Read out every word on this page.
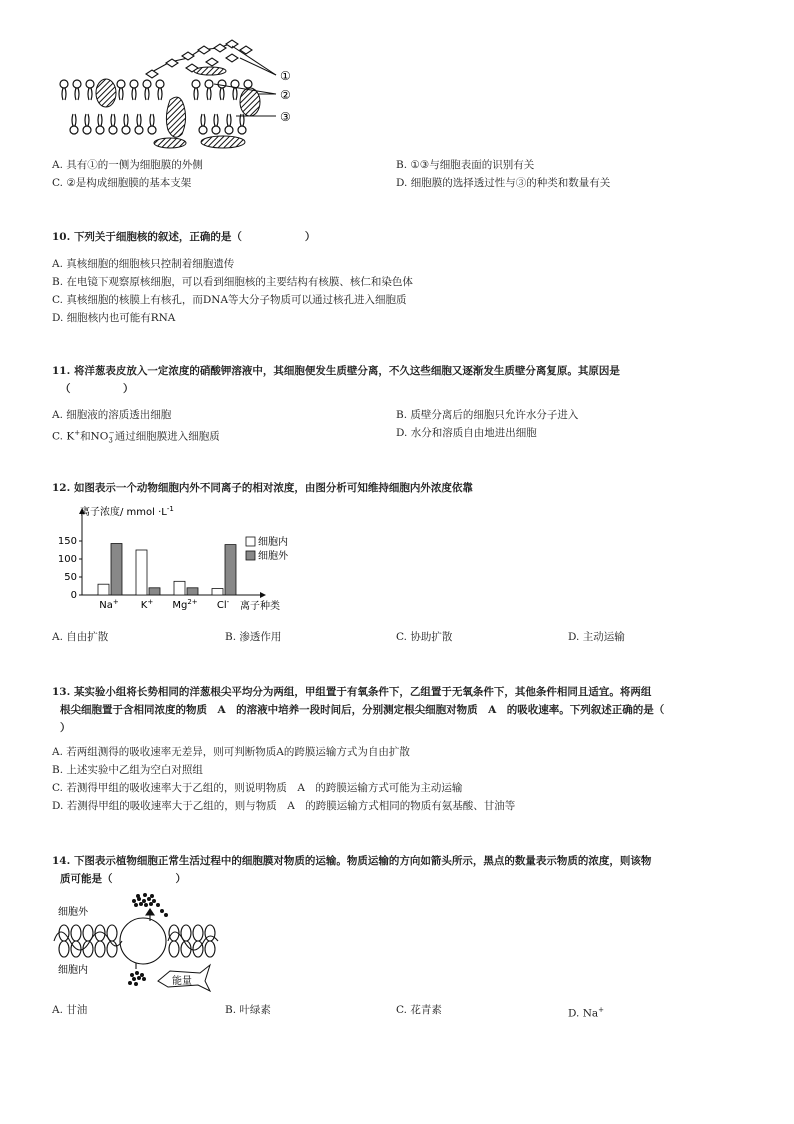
①
②
③
A. 具有①的一侧为细胞膜的外侧	B. ①③与细胞表面的识别有关
C. ②是构成细胞膜的基本支架	D. 细胞膜的选择透过性与③的种类和数量有关
10. 下列关于细胞核的叙述，正确的是（　　　　　　）
A. 真核细胞的细胞核只控制着细胞遗传
B. 在电镜下观察原核细胞，可以看到细胞核的主要结构有核膜、核仁和染色体
C. 真核细胞的核膜上有核孔，而DNA等大分子物质可以通过核孔进入细胞质
D. 细胞核内也可能有RNA
11. 将洋葱表皮放入一定浓度的硝酸钾溶液中，其细胞便发生质壁分离，不久这些细胞又逐渐发生质壁分离复原。其原因是
（　　　　　）
A. 细胞液的溶质透出细胞	B. 质壁分离后的细胞只允许水分子进入
C. K+和$NO_3^-$通过细胞膜进入细胞质	D. 水分和溶质自由地进出细胞
12. 如图表示一个动物细胞内外不同离子的相对浓度，由图分析可知维持细胞内外浓度依靠
离子浓度/ mmol $\cdot L^{-1}$
0
50
100
150
Na+ K+ $Mg^{2+}$ Cl- 离子种类
细胞内
细胞外
A. 自由扩散	B. 渗透作用	C. 协助扩散	D. 主动运输
13. 某实验小组将长势相同的洋葱根尖平均分为两组，甲组置于有氧条件下，乙组置于无氧条件下，其他条件相同且适宜。将两组
根尖细胞置于含相同浓度的物质　A　的溶液中培养一段时间后，分别测定根尖细胞对物质　A　的吸收速率。下列叙述正确的是（
）
A. 若两组测得的吸收速率无差异，则可判断物质A的跨膜运输方式为自由扩散
B. 上述实验中乙组为空白对照组
C. 若测得甲组的吸收速率大于乙组的，则说明物质　A　的跨膜运输方式可能为主动运输
D. 若测得甲组的吸收速率大于乙组的，则与物质　A　的跨膜运输方式相同的物质有氨基酸、甘油等
14. 下图表示植物细胞正常生活过程中的细胞膜对物质的运输。物质运输的方向如箭头所示，黑点的数量表示物质的浓度，则该物
质可能是（　　　　　　）
能量
细胞外
细胞内
A. 甘油	B. 叶绿素	C. 花青素	D. Na+
